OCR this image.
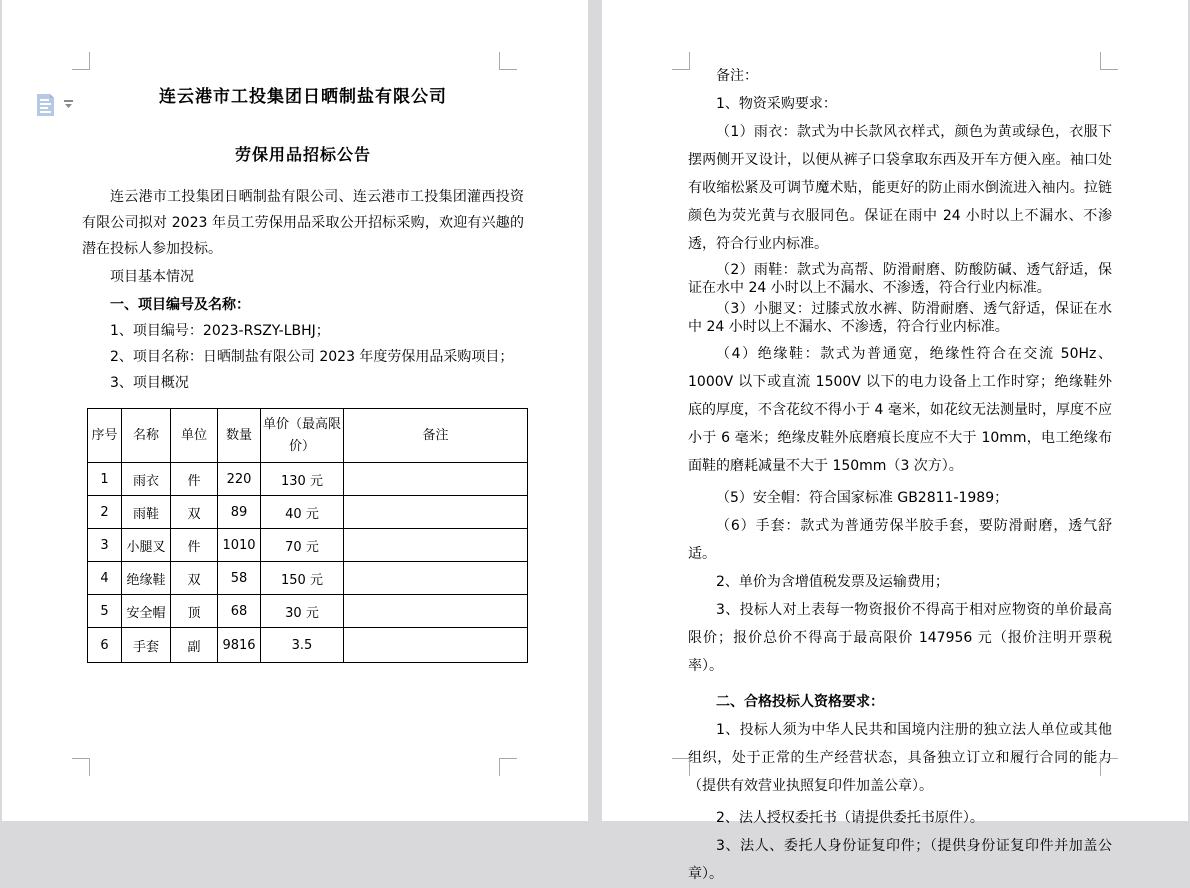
连云港市工投集团日晒制盐有限公司
劳保用品招标公告

连云港市工投集团日晒制盐有限公司、连云港市工投集团灌西投资有限公司拟对 2023 年员工劳保用品采取公开招标采购，欢迎有兴趣的潜在投标人参加投标。

项目基本情况

一、项目编号及名称：

1、项目编号：2023-RSZY-LBHJ；

2、项目名称：日晒制盐有限公司 2023 年度劳保用品采购项目；

3、项目概况

序号	名称	单位	数量	单价（最高限价）	备注
1	雨衣	件	220	130 元	
2	雨鞋	双	89	40 元	
3	小腿叉	件	1010	70 元	
4	绝缘鞋	双	58	150 元	
5	安全帽	顶	68	30 元	
6	手套	副	9816	3.5	

备注：

1、物资采购要求：

（1）雨衣：款式为中长款风衣样式，颜色为黄或绿色，衣服下摆两侧开叉设计，以便从裤子口袋拿取东西及开车方便入座。袖口处有收缩松紧及可调节魔术贴，能更好的防止雨水倒流进入袖内。拉链颜色为荧光黄与衣服同色。保证在雨中 24 小时以上不漏水、不渗透，符合行业内标准。

（2）雨鞋：款式为高帮、防滑耐磨、防酸防碱、透气舒适，保证在水中 24 小时以上不漏水、不渗透，符合行业内标准。

（3）小腿叉：过膝式放水裤、防滑耐磨、透气舒适，保证在水中 24 小时以上不漏水、不渗透，符合行业内标准。

（4）绝缘鞋：款式为普通宽，绝缘性符合在交流 50Hz、1000V 以下或直流 1500V 以下的电力设备上工作时穿；绝缘鞋外底的厚度，不含花纹不得小于 4 毫米，如花纹无法测量时，厚度不应小于 6 毫米；绝缘皮鞋外底磨痕长度应不大于 10mm，电工绝缘布面鞋的磨耗减量不大于 150mm（3 次方）。

（5）安全帽：符合国家标准 GB2811-1989；

（6）手套：款式为普通劳保半胶手套，要防滑耐磨，透气舒适。

2、单价为含增值税发票及运输费用；

3、投标人对上表每一物资报价不得高于相对应物资的单价最高限价；报价总价不得高于最高限价 147956 元（报价注明开票税率）。

二、合格投标人资格要求：

1、投标人须为中华人民共和国境内注册的独立法人单位或其他组织，处于正常的生产经营状态，具备独立订立和履行合同的能力（提供有效营业执照复印件加盖公章）。

2、法人授权委托书（请提供委托书原件）。

3、法人、委托人身份证复印件；（提供身份证复印件并加盖公章）。
